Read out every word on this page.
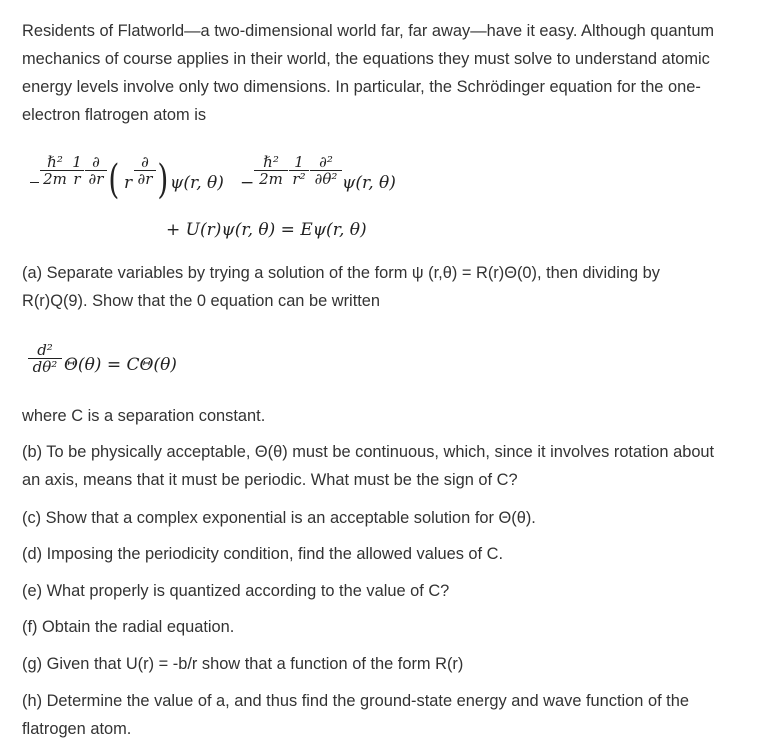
Residents of Flatworld—a two-dimensional world far, far away—have it easy. Although quantum
mechanics of course applies in their world, the equations they must solve to understand atomic
energy levels involve only two dimensions. In particular, the Schrödinger equation for the one-
electron flatrogen atom is

ℏ²
$2m \frac{1}{r}$ ∂
∂r ( r
∂
∂r ) ψ(r, θ) −
ℏ²
$2m \frac{1}{\text{r²}} \partial^2$
∂θ² ψ(r, θ)
+ U(r)ψ(r, θ) = Eψ(r, θ)

(a) Separate variables by trying a solution of the form ψ (r,θ) = R(r)Θ(0), then dividing by

R(r)Q(9). Show that the 0 equation can be written

$\frac{\text{d²}}{\text{dθ²}} \Theta(\theta) = C\Theta(\theta)$

where C is a separation constant.

(b) To be physically acceptable, Θ(θ) must be continuous, which, since it involves rotation about

an axis, means that it must be periodic. What must be the sign of C?

(c) Show that a complex exponential is an acceptable solution for Θ(θ).

(d) Imposing the periodicity condition, find the allowed values of C.

(e) What properly is quantized according to the value of C?

(f) Obtain the radial equation.

(g) Given that U(r) = -b/r show that a function of the form R(r)

(h) Determine the value of a, and thus find the ground-state energy and wave function of the

flatrogen atom.
